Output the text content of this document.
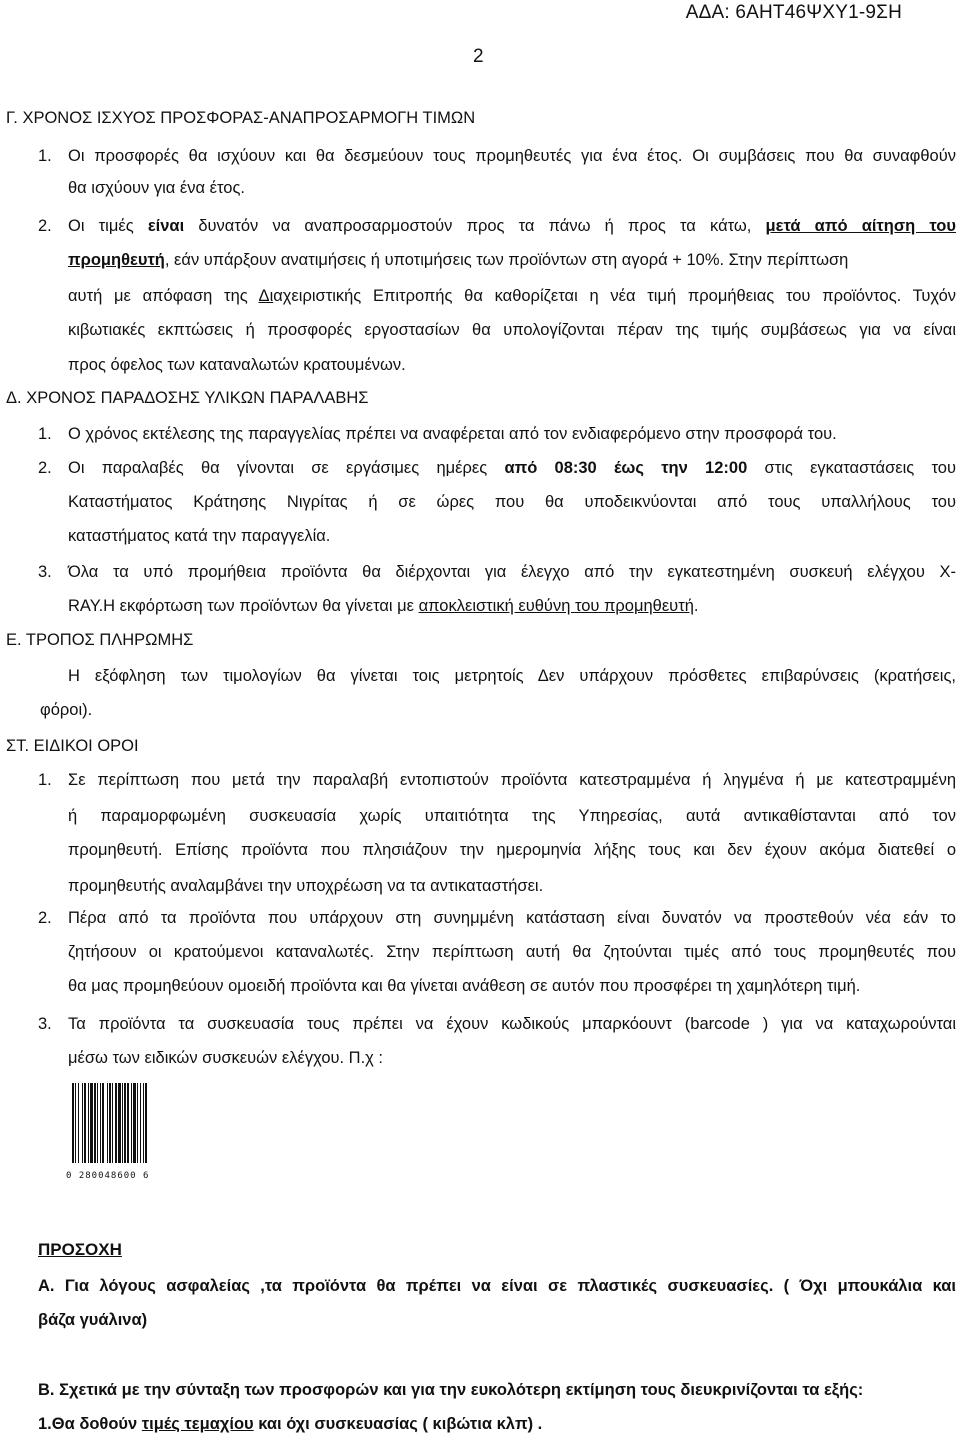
ΑΔΑ: 6ΑΗΤ46ΨΧΥ1-9ΣΗ
2
Γ. ΧΡΟΝΟΣ ΙΣΧΥΟΣ ΠΡΟΣΦΟΡΑΣ-ΑΝΑΠΡΟΣΑΡΜΟΓΗ ΤΙΜΩΝ
1. Οι προσφορές θα ισχύουν και θα δεσμεύουν τους προμηθευτές για ένα έτος. Οι συμβάσεις που θα συναφθούν
θα ισχύουν για ένα έτος.
2. Οι τιμές είναι δυνατόν να αναπροσαρμοστούν προς τα πάνω ή προς τα κάτω, μετά από αίτηση του
προμηθευτή, εάν υπάρξουν ανατιμήσεις ή υποτιμήσεις των προϊόντων στη αγορά + 10%. Στην περίπτωση
αυτή με απόφαση της Διαχειριστικής Επιτροπής θα καθορίζεται η νέα τιμή προμήθειας του προϊόντος. Τυχόν
κιβωτιακές εκπτώσεις ή προσφορές εργοστασίων θα υπολογίζονται πέραν της τιμής συμβάσεως για να είναι
προς όφελος των καταναλωτών κρατουμένων.
Δ. ΧΡΟΝΟΣ ΠΑΡΑΔΟΣΗΣ ΥΛΙΚΩΝ ΠΑΡΑΛΑΒΗΣ
1. Ο χρόνος εκτέλεσης της παραγγελίας πρέπει να αναφέρεται από τον ενδιαφερόμενο στην προσφορά του.
2. Οι παραλαβές θα γίνονται σε εργάσιμες ημέρες από 08:30 έως την 12:00 στις εγκαταστάσεις του
Καταστήματος Κράτησης Νιγρίτας ή σε ώρες που θα υποδεικνύονται από τους υπαλλήλους του
καταστήματος κατά την παραγγελία.
3. Όλα τα υπό προμήθεια προϊόντα θα διέρχονται για έλεγχο από την εγκατεστημένη συσκευή ελέγχου X-
RAY.Η εκφόρτωση των προϊόντων θα γίνεται με αποκλειστική ευθύνη του προμηθευτή.
Ε. ΤΡΟΠΟΣ ΠΛΗΡΩΜΗΣ
Η εξόφληση των τιμολογίων θα γίνεται τοις μετρητοίς Δεν υπάρχουν πρόσθετες επιβαρύνσεις (κρατήσεις,
φόροι).
ΣΤ. ΕΙΔΙΚΟΙ ΟΡΟΙ
1. Σε περίπτωση που μετά την παραλαβή εντοπιστούν προϊόντα κατεστραμμένα ή ληγμένα ή με κατεστραμμένη
ή παραμορφωμένη συσκευασία χωρίς υπαιτιότητα της Υπηρεσίας, αυτά αντικαθίστανται από τον
προμηθευτή. Επίσης προϊόντα που πλησιάζουν την ημερομηνία λήξης τους και δεν έχουν ακόμα διατεθεί ο
προμηθευτής αναλαμβάνει την υποχρέωση να τα αντικαταστήσει.
2. Πέρα από τα προϊόντα που υπάρχουν στη συνημμένη κατάσταση είναι δυνατόν να προστεθούν νέα εάν το
ζητήσουν οι κρατούμενοι καταναλωτές. Στην περίπτωση αυτή θα ζητούνται τιμές από τους προμηθευτές που
θα μας προμηθεύουν ομοειδή προϊόντα και θα γίνεται ανάθεση σε αυτόν που προσφέρει τη χαμηλότερη τιμή.
3. Τα προϊόντα τα συσκευασία τους πρέπει να έχουν κωδικούς μπαρκόουντ (barcode ) για να καταχωρούνται
μέσω των ειδικών συσκευών ελέγχου. Π.χ :
0 280048600 6
ΠΡΟΣΟΧΗ
Α. Για λόγους ασφαλείας ,τα προϊόντα θα πρέπει να είναι σε πλαστικές συσκευασίες. ( Όχι μπουκάλια και
βάζα γυάλινα)
Β. Σχετικά με την σύνταξη των προσφορών και για την ευκολότερη εκτίμηση τους διευκρινίζονται τα εξής:
1.Θα δοθούν τιμές τεμαχίου και όχι συσκευασίας ( κιβώτια κλπ) .
